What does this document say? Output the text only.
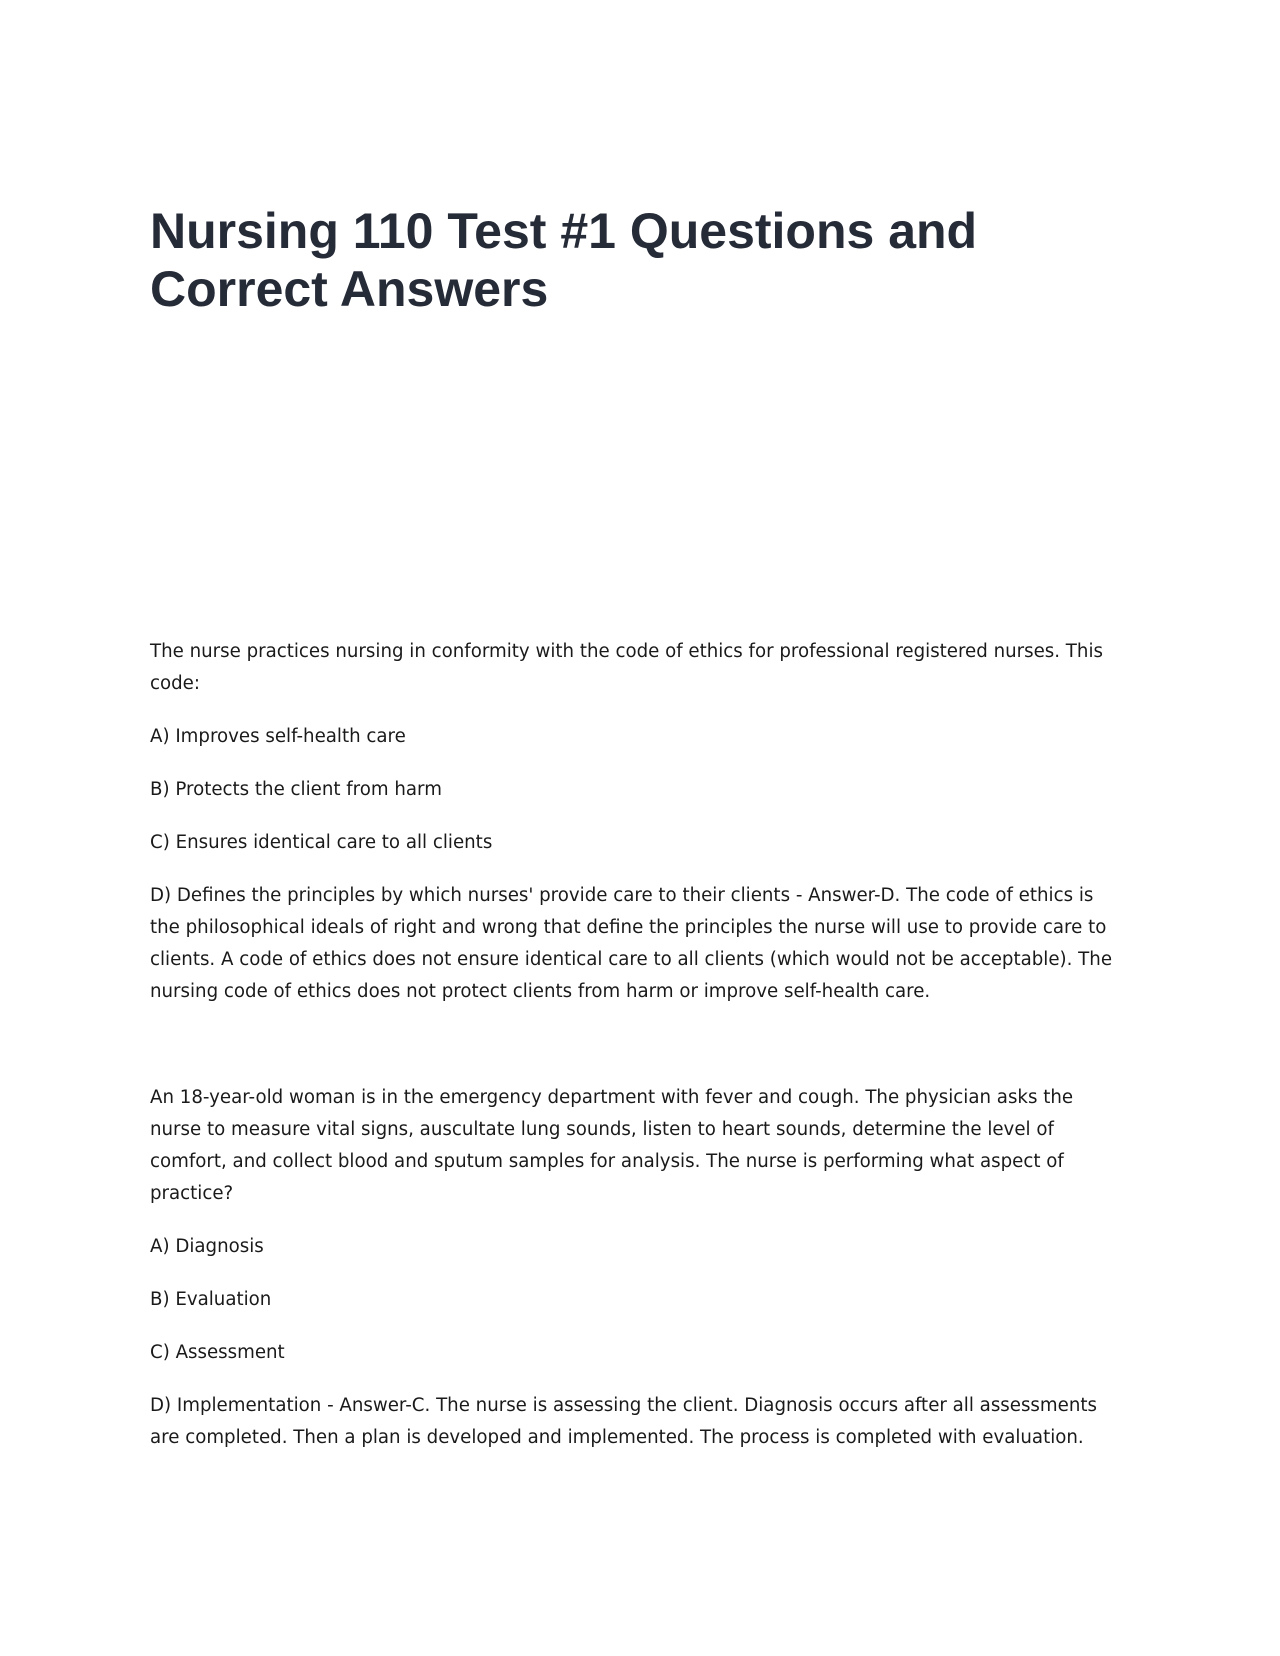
Nursing 110 Test #1 Questions and Correct Answers

The nurse practices nursing in conformity with the code of ethics for professional registered nurses. This code:

A) Improves self-health care

B) Protects the client from harm

C) Ensures identical care to all clients

D) Defines the principles by which nurses' provide care to their clients - Answer-D. The code of ethics is the philosophical ideals of right and wrong that define the principles the nurse will use to provide care to clients. A code of ethics does not ensure identical care to all clients (which would not be acceptable). The nursing code of ethics does not protect clients from harm or improve self-health care.

An 18-year-old woman is in the emergency department with fever and cough. The physician asks the nurse to measure vital signs, auscultate lung sounds, listen to heart sounds, determine the level of comfort, and collect blood and sputum samples for analysis. The nurse is performing what aspect of practice?

A) Diagnosis

B) Evaluation

C) Assessment

D) Implementation - Answer-C. The nurse is assessing the client. Diagnosis occurs after all assessments are completed. Then a plan is developed and implemented. The process is completed with evaluation.
